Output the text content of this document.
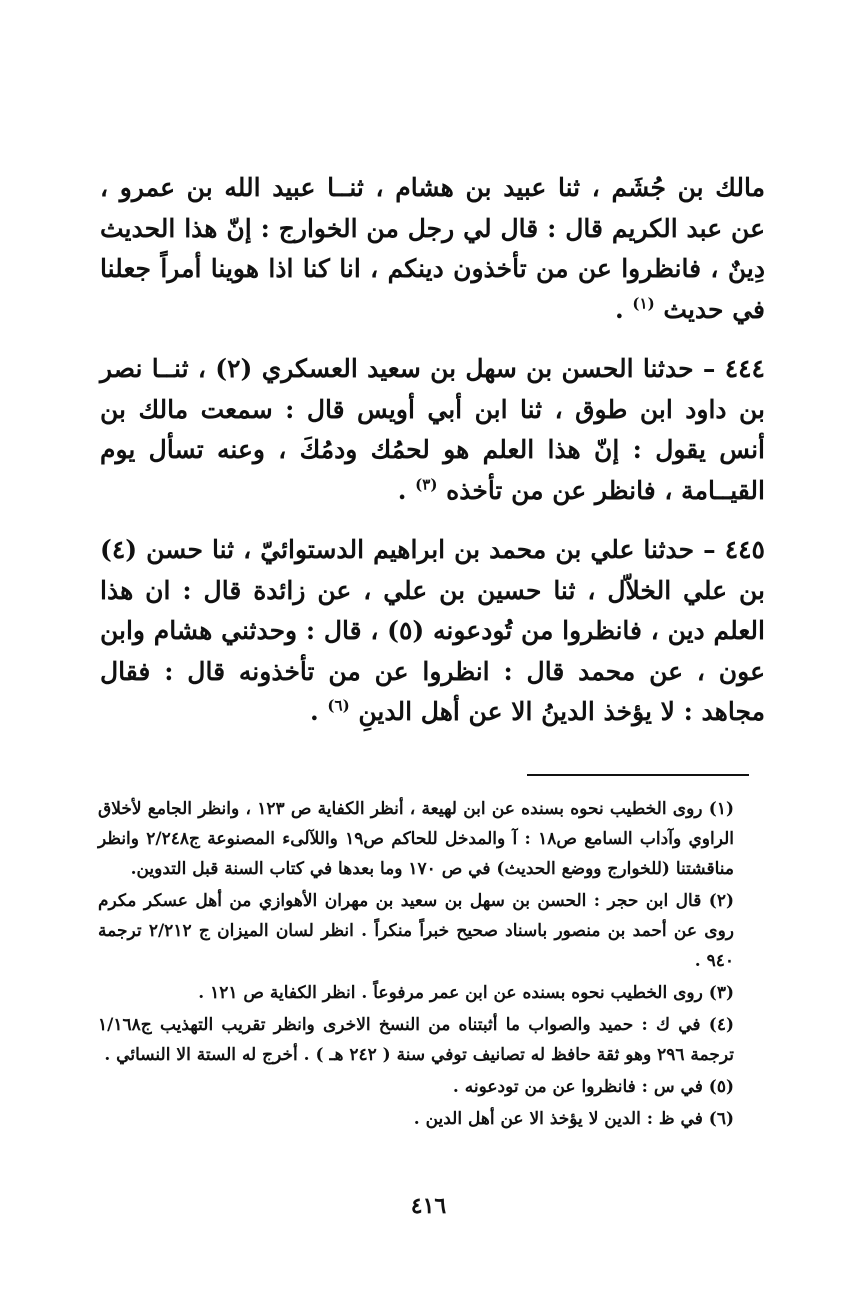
مالك بن جُشَم ، ثنا عبيد بن هشام ، ثنــا عبيد الله بن عمرو ، عن عبد الكريم قال : قال لي رجل من الخوارج : إنّ هذا الحديث دِينٌ ، فانظروا عن من تأخذون دينكم ، انا كنا اذا هوينا أمراً جعلنا في حديث $^{(١)}$ .

٤٤٤ – حدثنا الحسن بن سهل بن سعيد العسكري (٢) ، ثنــا نصر بن داود ابن طوق ، ثنا ابن أبي أويس قال : سمعت مالك بن أنس يقول : إنّ هذا العلم هو لحمُك ودمُكَ ، وعنه تسأل يوم القيــامة ، فانظر عن من تأخذه $^{(٣)}$ .

٤٤٥ – حدثنا علي بن محمد بن ابراهيم الدستوائيّ ، ثنا حسن (٤) بن علي الخلاّل ، ثنا حسين بن علي ، عن زائدة قال : ان هذا العلم دين ، فانظروا من تُودعونه (٥) ، قال : وحدثني هشام وابن عون ، عن محمد قال : انظروا عن من تأخذونه قال : فقال مجاهد : لا يؤخذ الدينُ الا عن أهل الدينِ $^{(٦)}$ .

(١) روى الخطيب نحوه بسنده عن ابن لهيعة ، أنظر الكفاية ص ١٢٣ ، وانظر الجامع لأخلاق الراوي وآداب السامع ص١٨ : آ والمدخل للحاكم ص١٩ واللآلىء المصنوعة ج٢/٢٤٨ وانظر مناقشتنا (للخوارج ووضع الحديث) في ص ١٧٠ وما بعدها في كتاب السنة قبل التدوين.

(٢) قال ابن حجر : الحسن بن سهل بن سعيد بن مهران الأهوازي من أهل عسكر مكرم روى عن أحمد بن منصور باسناد صحيح خبراً منكراً . انظر لسان الميزان ج ٢/٢١٢ ترجمة ٩٤٠ .

(٣) روى الخطيب نحوه بسنده عن ابن عمر مرفوعاً . انظر الكفاية ص ١٢١ .

(٤) في ك : حميد والصواب ما أثبتناه من النسخ الاخرى وانظر تقريب التهذيب ج١/١٦٨ ترجمة ٢٩٦ وهو ثقة حافظ له تصانيف توفي سنة ( ٢٤٢ هـ ) . أخرج له الستة الا النسائي .

(٥) في س : فانظروا عن من تودعونه .

(٦) في ظ : الدين لا يؤخذ الا عن أهل الدين .

٤١٦
